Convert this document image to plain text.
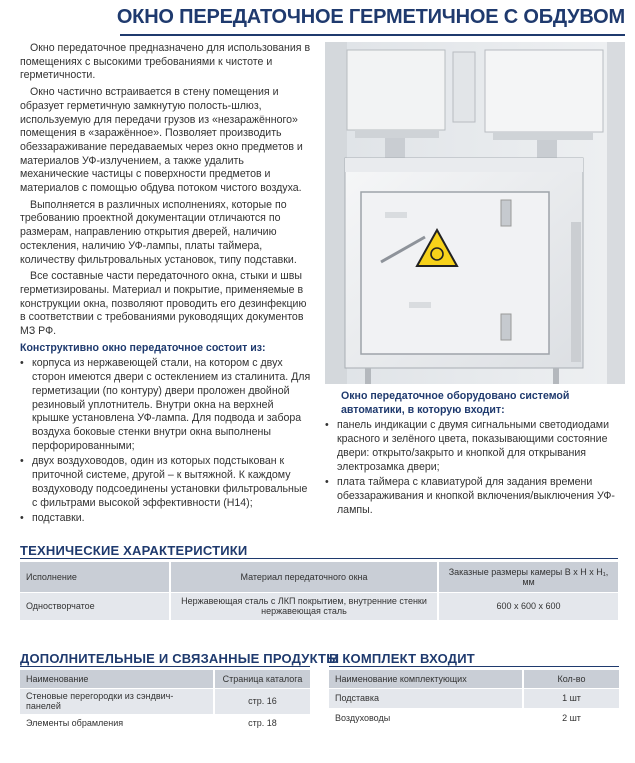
ОКНО ПЕРЕДАТОЧНОЕ ГЕРМЕТИЧНОЕ С ОБДУВОМ

Окно передаточное предназначено для использования в помещениях с высокими требованиями к чистоте и герметичности.

Окно частично встраивается в стену помещения и образует герметичную замкнутую полость-шлюз, используемую для передачи грузов из «незаражённого» помещения в «заражённое». Позволяет производить обеззараживание передаваемых через окно предметов и материалов УФ-излучением, а также удалить механические частицы с поверхности предметов и материалов с помощью обдува потоком чистого воздуха.

Выполняется в различных исполнениях, которые по требованию проектной документации отличаются по размерам, направлению открытия дверей, наличию остекления, наличию УФ-лампы, платы таймера, количеству фильтровальных установок, типу подставки.

Все составные части передаточного окна, стыки и швы герметизированы. Материал и покрытие, применяемые в конструкции окна, позволяют проводить его дезинфекцию в соответствии с требованиями руководящих документов МЗ РФ.

Конструктивно окно передаточное состоит из:
• корпуса из нержавеющей стали, на котором с двух сторон имеются двери с остеклением из сталинита. Для герметизации (по контуру) двери проложен двойной резиновый уплотнитель. Внутри окна на верхней крышке установлена УФ-лампа. Для подвода и забора воздуха боковые стенки внутри окна выполнены перфорированными;
• двух воздуховодов, один из которых подстыкован к приточной системе, другой – к вытяжной. К каждому воздуховоду подсоединены установки фильтровальные с фильтрами высокой эффективности (Н14);
• подставки.
Окно передаточное оборудовано системой автоматики, в которую входит:
• панель индикации с двумя сигнальными светодиодами красного и зелёного цвета, показывающими состояние двери: открыто/закрыто и кнопкой для открывания электрозамка двери;
• плата таймера с клавиатурой для задания времени обеззараживания и кнопкой включения/выключения УФ-лампы.
ТЕХНИЧЕСКИЕ ХАРАКТЕРИСТИКИ
Исполнение	Материал передаточного окна	Заказные размеры камеры В х Н х Н₁, мм
Одностворчатое	Нержавеющая сталь с ЛКП покрытием, внутренние стенки нержавеющая сталь	600 х 600 х 600
ДОПОЛНИТЕЛЬНЫЕ И СВЯЗАННЫЕ ПРОДУКТЫ
Наименование	Страница каталога
Стеновые перегородки из сэндвич-панелей	стр. 16
Элементы обрамления	стр. 18
В КОМПЛЕКТ ВХОДИТ
Наименование комплектующих	Кол-во
Подставка	1 шт
Воздуховоды	2 шт
